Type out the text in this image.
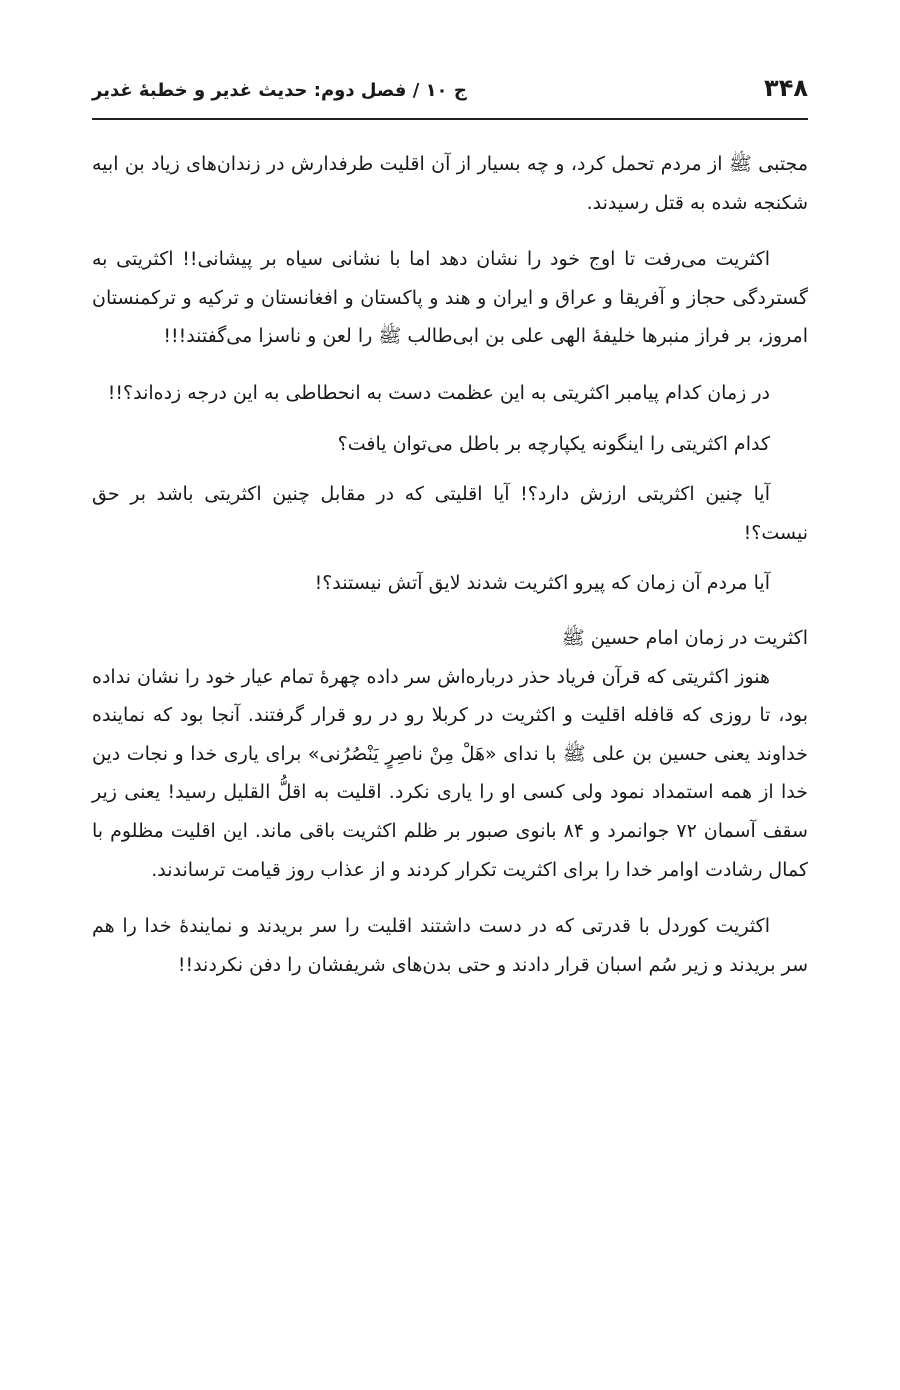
۳۴۸
ج ۱۰ / فصل دوم: حدیث غدیر و خطبهٔ غدیر

مجتبی ﷺ از مردم تحمل کرد، و چه بسیار از آن اقلیت طرفدارش در زندان‌های زیاد بن ابیه شکنجه شده به قتل رسیدند.

اکثریت می‌رفت تا اوج خود را نشان دهد اما با نشانی سیاه بر پیشانی!! اکثریتی به گستردگی حجاز و آفریقا و عراق و ایران و هند و پاکستان و افغانستان و ترکیه و ترکمنستان امروز، بر فراز منبرها خلیفهٔ الهی علی بن ابی‌طالب ﷺ را لعن و ناسزا می‌گفتند!!!

در زمان کدام پیامبر اکثریتی به این عظمت دست به انحطاطی به این درجه زده‌اند؟!!

کدام اکثریتی را اینگونه یکپارچه بر باطل می‌توان یافت؟

آیا چنین اکثریتی ارزش دارد؟! آیا اقلیتی که در مقابل چنین اکثریتی باشد بر حق نیست؟!

آیا مردم آن زمان که پیرو اکثریت شدند لایق آتش نیستند؟!

اکثریت در زمان امام حسین ﷺ

هنوز اکثریتی که قرآن فریاد حذر درباره‌اش سر داده چهرهٔ تمام عیار خود را نشان نداده بود، تا روزی که قافله اقلیت و اکثریت در کربلا رو در رو قرار گرفتند. آنجا بود که نماینده خداوند یعنی حسین بن علی ﷺ با ندای «هَلْ مِنْ ناصِرٍ يَنْصُرُنی» برای یاری خدا و نجات دین خدا از همه استمداد نمود ولی کسی او را یاری نکرد. اقلیت به اقلُّ القلیل رسید! یعنی زیر سقف آسمان ۷۲ جوانمرد و ۸۴ بانوی صبور بر ظلم اکثریت باقی ماند. این اقلیت مظلوم با کمال رشادت اوامر خدا را برای اکثریت تکرار کردند و از عذاب روز قیامت ترساندند.

اکثریت کوردل با قدرتی که در دست داشتند اقلیت را سر بریدند و نمایندهٔ خدا را هم سر بریدند و زیر سُم اسبان قرار دادند و حتی بدن‌های شریفشان را دفن نکردند!!
